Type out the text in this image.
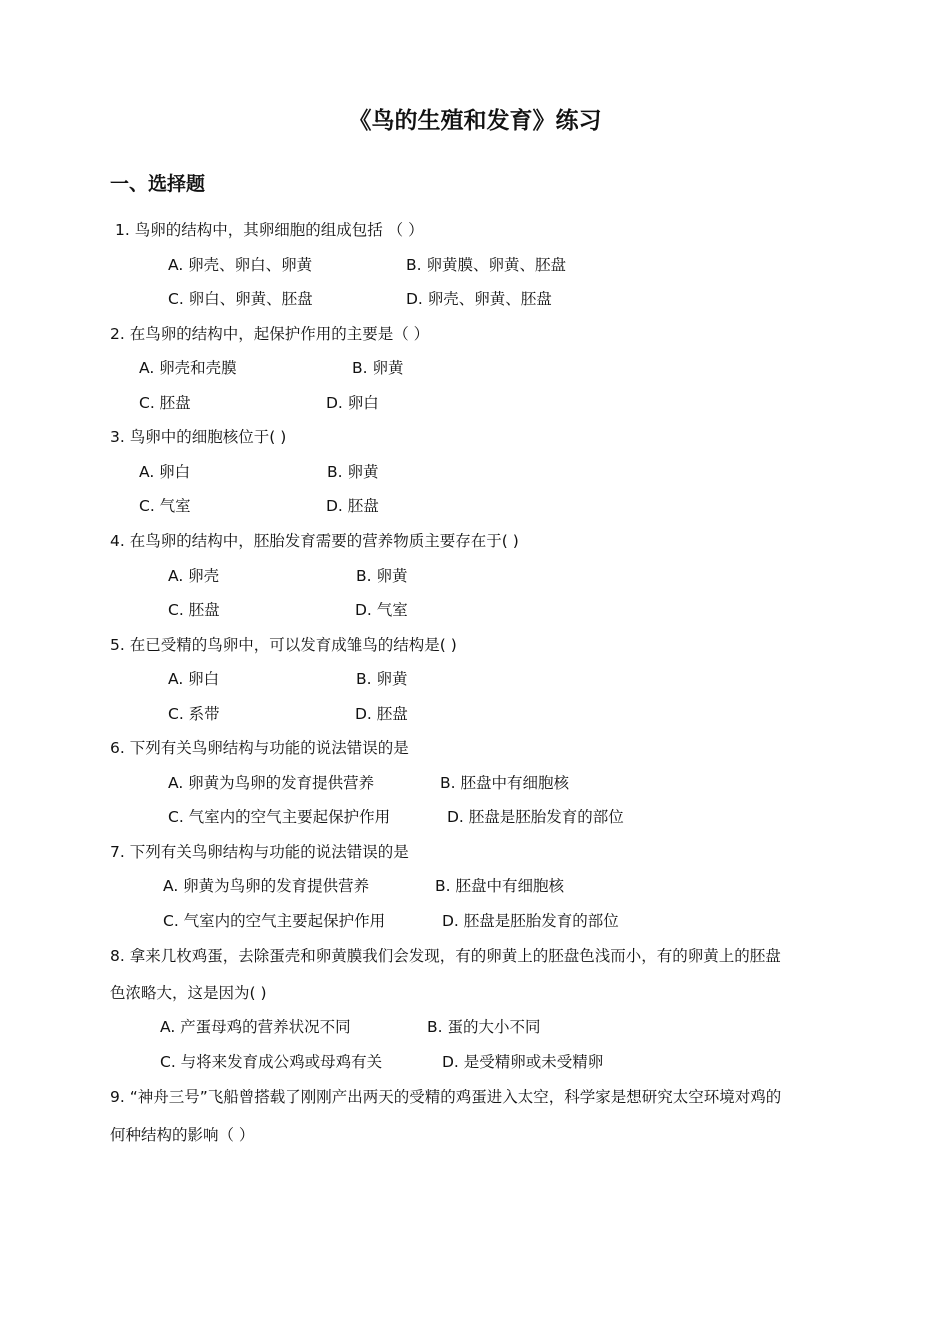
《鸟的生殖和发育》练习
一、选择题
1. 鸟卵的结构中，其卵细胞的组成包括 （ ）
A. 卵壳、卵白、卵黄	B. 卵黄膜、卵黄、胚盘
C. 卵白、卵黄、胚盘	D. 卵壳、卵黄、胚盘
2. 在鸟卵的结构中，起保护作用的主要是（ ）
A. 卵壳和壳膜	B. 卵黄
C. 胚盘	D. 卵白
3. 鸟卵中的细胞核位于( )
A. 卵白	B. 卵黄
C. 气室	D. 胚盘
4. 在鸟卵的结构中，胚胎发育需要的营养物质主要存在于( )
A. 卵壳	B. 卵黄
C. 胚盘	D. 气室
5. 在已受精的鸟卵中，可以发育成雏鸟的结构是( )
A. 卵白	B. 卵黄
C. 系带	D. 胚盘
6. 下列有关鸟卵结构与功能的说法错误的是
A. 卵黄为鸟卵的发育提供营养	B. 胚盘中有细胞核
C. 气室内的空气主要起保护作用	D. 胚盘是胚胎发育的部位
7. 下列有关鸟卵结构与功能的说法错误的是
A. 卵黄为鸟卵的发育提供营养	B. 胚盘中有细胞核
C. 气室内的空气主要起保护作用	D. 胚盘是胚胎发育的部位
8. 拿来几枚鸡蛋，去除蛋壳和卵黄膜我们会发现，有的卵黄上的胚盘色浅而小，有的卵黄上的胚盘
色浓略大，这是因为( )
A. 产蛋母鸡的营养状况不同	B. 蛋的大小不同
C. 与将来发育成公鸡或母鸡有关	D. 是受精卵或未受精卵
9. “神舟三号”飞船曾搭载了刚刚产出两天的受精的鸡蛋进入太空，科学家是想研究太空环境对鸡的
何种结构的影响（ ）
